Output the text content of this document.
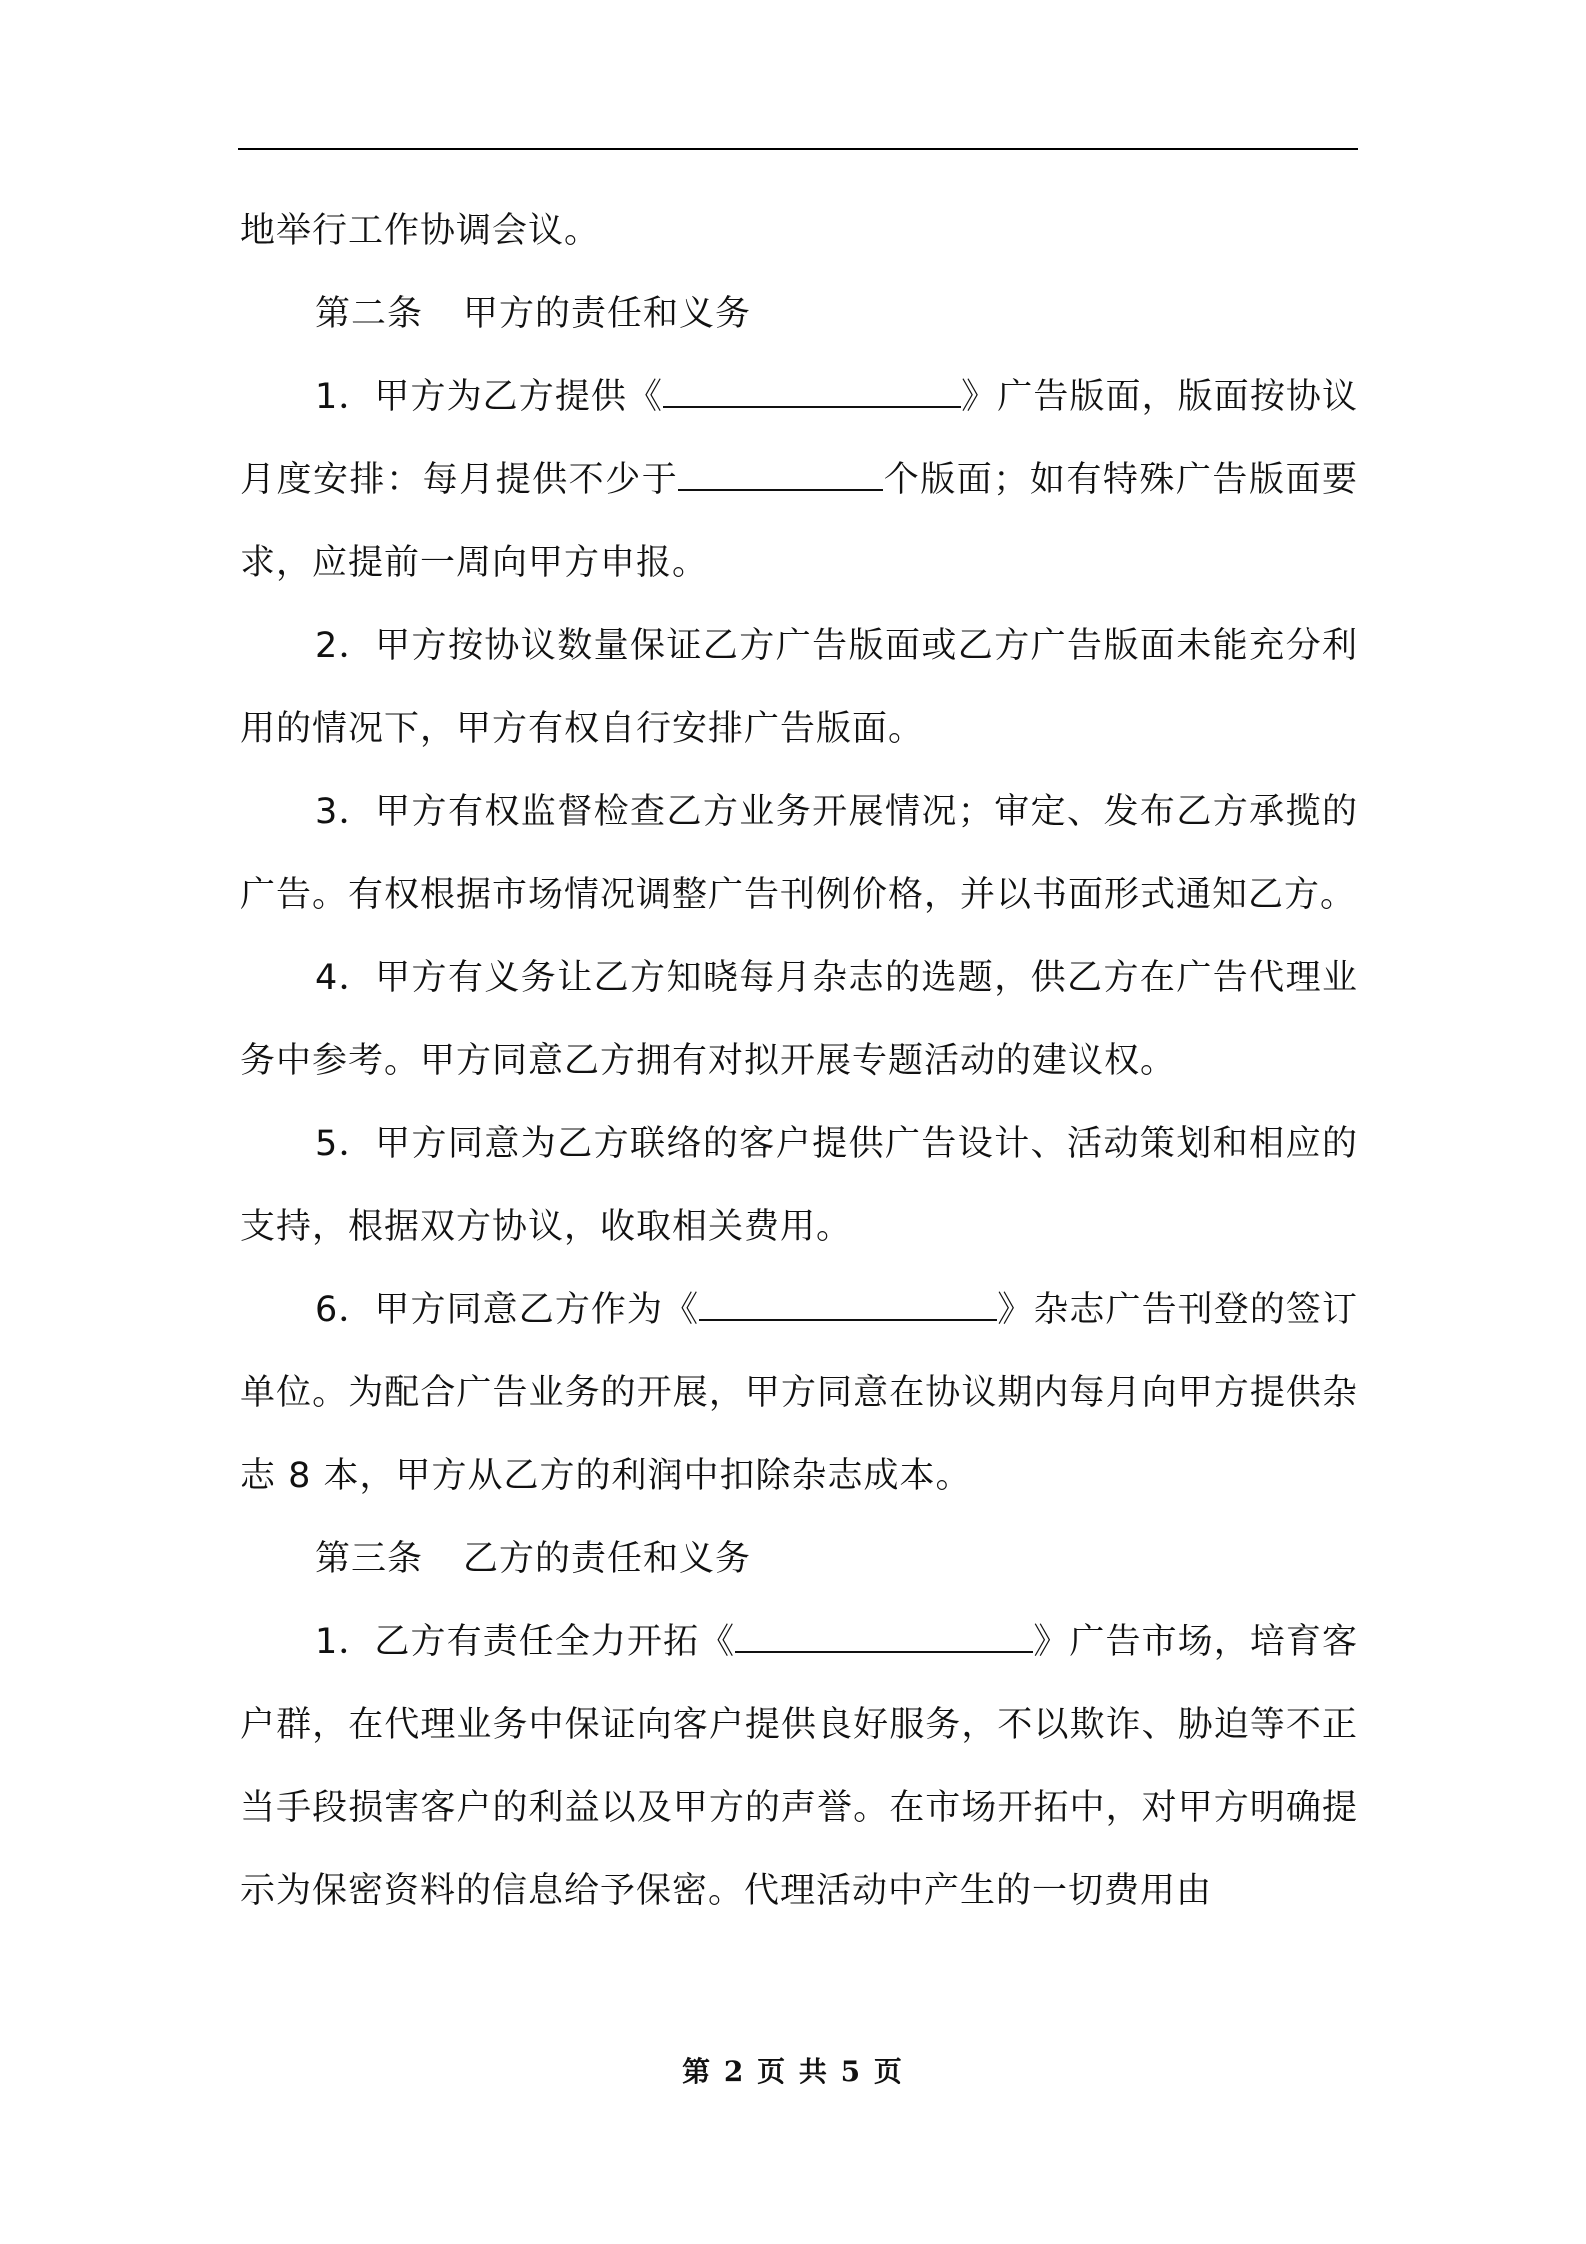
地举行工作协调会议。

第二条 甲方的责任和义务

1．甲方为乙方提供《	》广告版面，版面按协议月度安排：每月提供不少于	个版面；如有特殊广告版面要求，应提前一周向甲方申报。

2．甲方按协议数量保证乙方广告版面或乙方广告版面未能充分利用的情况下，甲方有权自行安排广告版面。

3．甲方有权监督检查乙方业务开展情况；审定、发布乙方承揽的广告。有权根据市场情况调整广告刊例价格，并以书面形式通知乙方。

4．甲方有义务让乙方知晓每月杂志的选题，供乙方在广告代理业务中参考。甲方同意乙方拥有对拟开展专题活动的建议权。

5．甲方同意为乙方联络的客户提供广告设计、活动策划和相应的支持，根据双方协议，收取相关费用。

6．甲方同意乙方作为《	》杂志广告刊登的签订单位。为配合广告业务的开展，甲方同意在协议期内每月向甲方提供杂志 8 本，甲方从乙方的利润中扣除杂志成本。

第三条 乙方的责任和义务

1．乙方有责任全力开拓《	》广告市场，培育客户群，在代理业务中保证向客户提供良好服务，不以欺诈、胁迫等不正当手段损害客户的利益以及甲方的声誉。在市场开拓中，对甲方明确提示为保密资料的信息给予保密。代理活动中产生的一切费用由

第 2 页 共 5 页
